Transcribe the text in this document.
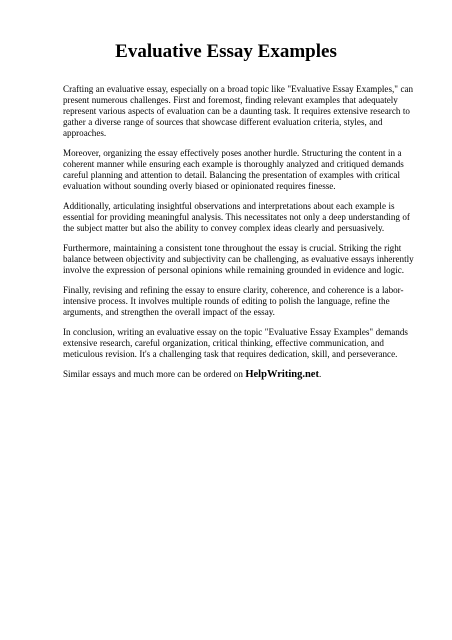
Evaluative Essay Examples

Crafting an evaluative essay, especially on a broad topic like "Evaluative Essay Examples," can present numerous challenges. First and foremost, finding relevant examples that adequately represent various aspects of evaluation can be a daunting task. It requires extensive research to gather a diverse range of sources that showcase different evaluation criteria, styles, and approaches.

Moreover, organizing the essay effectively poses another hurdle. Structuring the content in a coherent manner while ensuring each example is thoroughly analyzed and critiqued demands careful planning and attention to detail. Balancing the presentation of examples with critical evaluation without sounding overly biased or opinionated requires finesse.

Additionally, articulating insightful observations and interpretations about each example is essential for providing meaningful analysis. This necessitates not only a deep understanding of the subject matter but also the ability to convey complex ideas clearly and persuasively.

Furthermore, maintaining a consistent tone throughout the essay is crucial. Striking the right balance between objectivity and subjectivity can be challenging, as evaluative essays inherently involve the expression of personal opinions while remaining grounded in evidence and logic.

Finally, revising and refining the essay to ensure clarity, coherence, and coherence is a labor-intensive process. It involves multiple rounds of editing to polish the language, refine the arguments, and strengthen the overall impact of the essay.

In conclusion, writing an evaluative essay on the topic "Evaluative Essay Examples" demands extensive research, careful organization, critical thinking, effective communication, and meticulous revision. It's a challenging task that requires dedication, skill, and perseverance.

Similar essays and much more can be ordered on HelpWriting.net.
